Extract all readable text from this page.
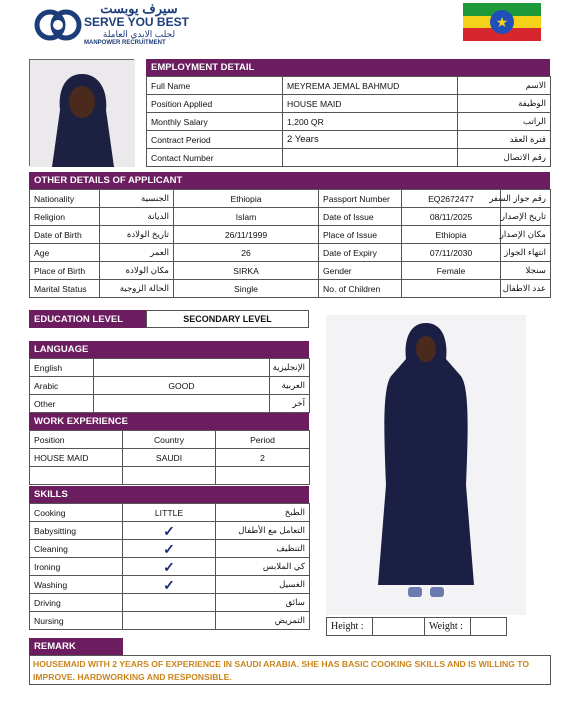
سيرف يوبست
SERVE YOU BEST
لجلب الايدي العاملة
MANPOWER RECRUITMENT
★
EMPLOYMENT DETAIL
Full Name	MEYREMA JEMAL BAHMUD	الاسم
Position Applied	HOUSE MAID	الوظيفة
Monthly Salary	1,200 QR	الراتب
Contract Period	2 Years	فترة العقد
Contact Number		رقم الاتصال
OTHER DETAILS OF APPLICANT
Nationality	الجنسية	Ethiopia	Passport Number	EQ2672477	رقم جواز السفر
Religion	الديانة	Islam	Date of Issue	08/11/2025	تاريخ الإصدار
Date of Birth	تاريخ الولادة	26/11/1999	Place of Issue	Ethiopia	مكان الإصدار
Age	العمر	26	Date of Expiry	07/11/2030	انتهاء الجواز
Place of Birth	مكان الولادة	SIRKA	Gender	Female	سنجلا
Marital Status	الحالة الزوجية	Single	No. of Children		عدد الاطفال
EDUCATION LEVEL	SECONDARY LEVEL
LANGUAGE
English		الإنجليزية
Arabic	GOOD	العربية
Other		آخر
WORK EXPERIENCE
Position	Country	Period
HOUSE MAID	SAUDI	2

SKILLS
Cooking	LITTLE	الطبخ
Babysitting	✓	التعامل مع الأطفال
Cleaning	✓	التنظيف
Ironing	✓	كي الملابس
Washing	✓	الغسيل
Driving		سائق
Nursing		التمريض
Height :		Weight :	
REMARK
HOUSEMAID WITH 2 YEARS OF EXPERIENCE IN SAUDI ARABIA. SHE HAS BASIC COOKING SKILLS AND IS WILLING TO
IMPROVE. HARDWORKING AND RESPONSIBLE.
